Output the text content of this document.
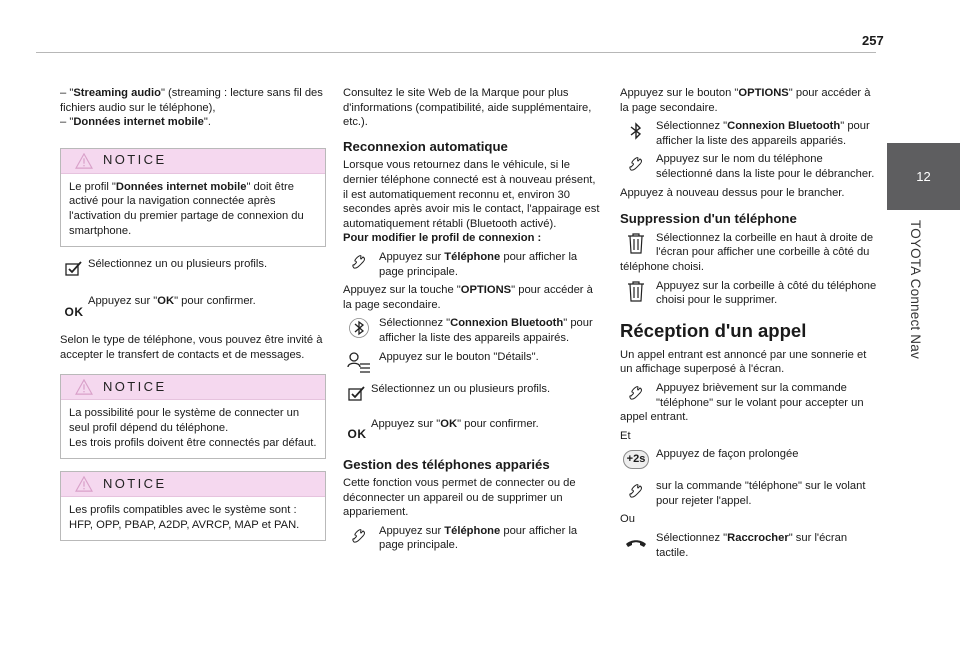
257
12
TOYOTA Connect Nav

– "Streaming audio" (streaming : lecture sans fil des fichiers audio sur le téléphone),

– "Données internet mobile".

NOTICE
Le profil "Données internet mobile" doit être activé pour la navigation connectée après l'activation du premier partage de connexion du smartphone.
Sélectionnez un ou plusieurs profils.
OK
Appuyez sur "OK" pour confirmer.

Selon le type de téléphone, vous pouvez être invité à accepter le transfert de contacts et de messages.

NOTICE
La possibilité pour le système de connecter un seul profil dépend du téléphone.
Les trois profils doivent être connectés par défaut.
NOTICE
Les profils compatibles avec le système sont : HFP, OPP, PBAP, A2DP, AVRCP, MAP et PAN.

Consultez le site Web de la Marque pour plus d'informations (compatibilité, aide supplémentaire, etc.).

Reconnexion automatique

Lorsque vous retournez dans le véhicule, si le dernier téléphone connecté est à nouveau présent, il est automatiquement reconnu et, environ 30 secondes après avoir mis le contact, l'appairage est automatiquement rétabli (Bluetooth activé).

Pour modifier le profil de connexion :

Appuyez sur Téléphone pour afficher la page principale.

Appuyez sur la touche "OPTIONS" pour accéder à la page secondaire.

Sélectionnez "Connexion Bluetooth" pour afficher la liste des appareils appairés.
Appuyez sur le bouton "Détails".
Sélectionnez un ou plusieurs profils.
OK
Appuyez sur "OK" pour confirmer.
Gestion des téléphones appariés

Cette fonction vous permet de connecter ou de déconnecter un appareil ou de supprimer un appariement.

Appuyez sur Téléphone pour afficher la page principale.

Appuyez sur le bouton "OPTIONS" pour accéder à la page secondaire.

Sélectionnez "Connexion Bluetooth" pour afficher la liste des appareils appariés.
Appuyez sur le nom du téléphone sélectionné dans la liste pour le débrancher.

Appuyez à nouveau dessus pour le brancher.

Suppression d'un téléphone
Sélectionnez la corbeille en haut à droite de l'écran pour afficher une corbeille à côté du téléphone choisi.
Appuyez sur la corbeille à côté du téléphone choisi pour le supprimer.
Réception d'un appel

Un appel entrant est annoncé par une sonnerie et un affichage superposé à l'écran.

Appuyez brièvement sur la commande "téléphone" sur le volant pour accepter un appel entrant.

Et

+2s Appuyez de façon prolongée
sur la commande "téléphone" sur le volant pour rejeter l'appel.

Ou

Sélectionnez "Raccrocher" sur l'écran tactile.
